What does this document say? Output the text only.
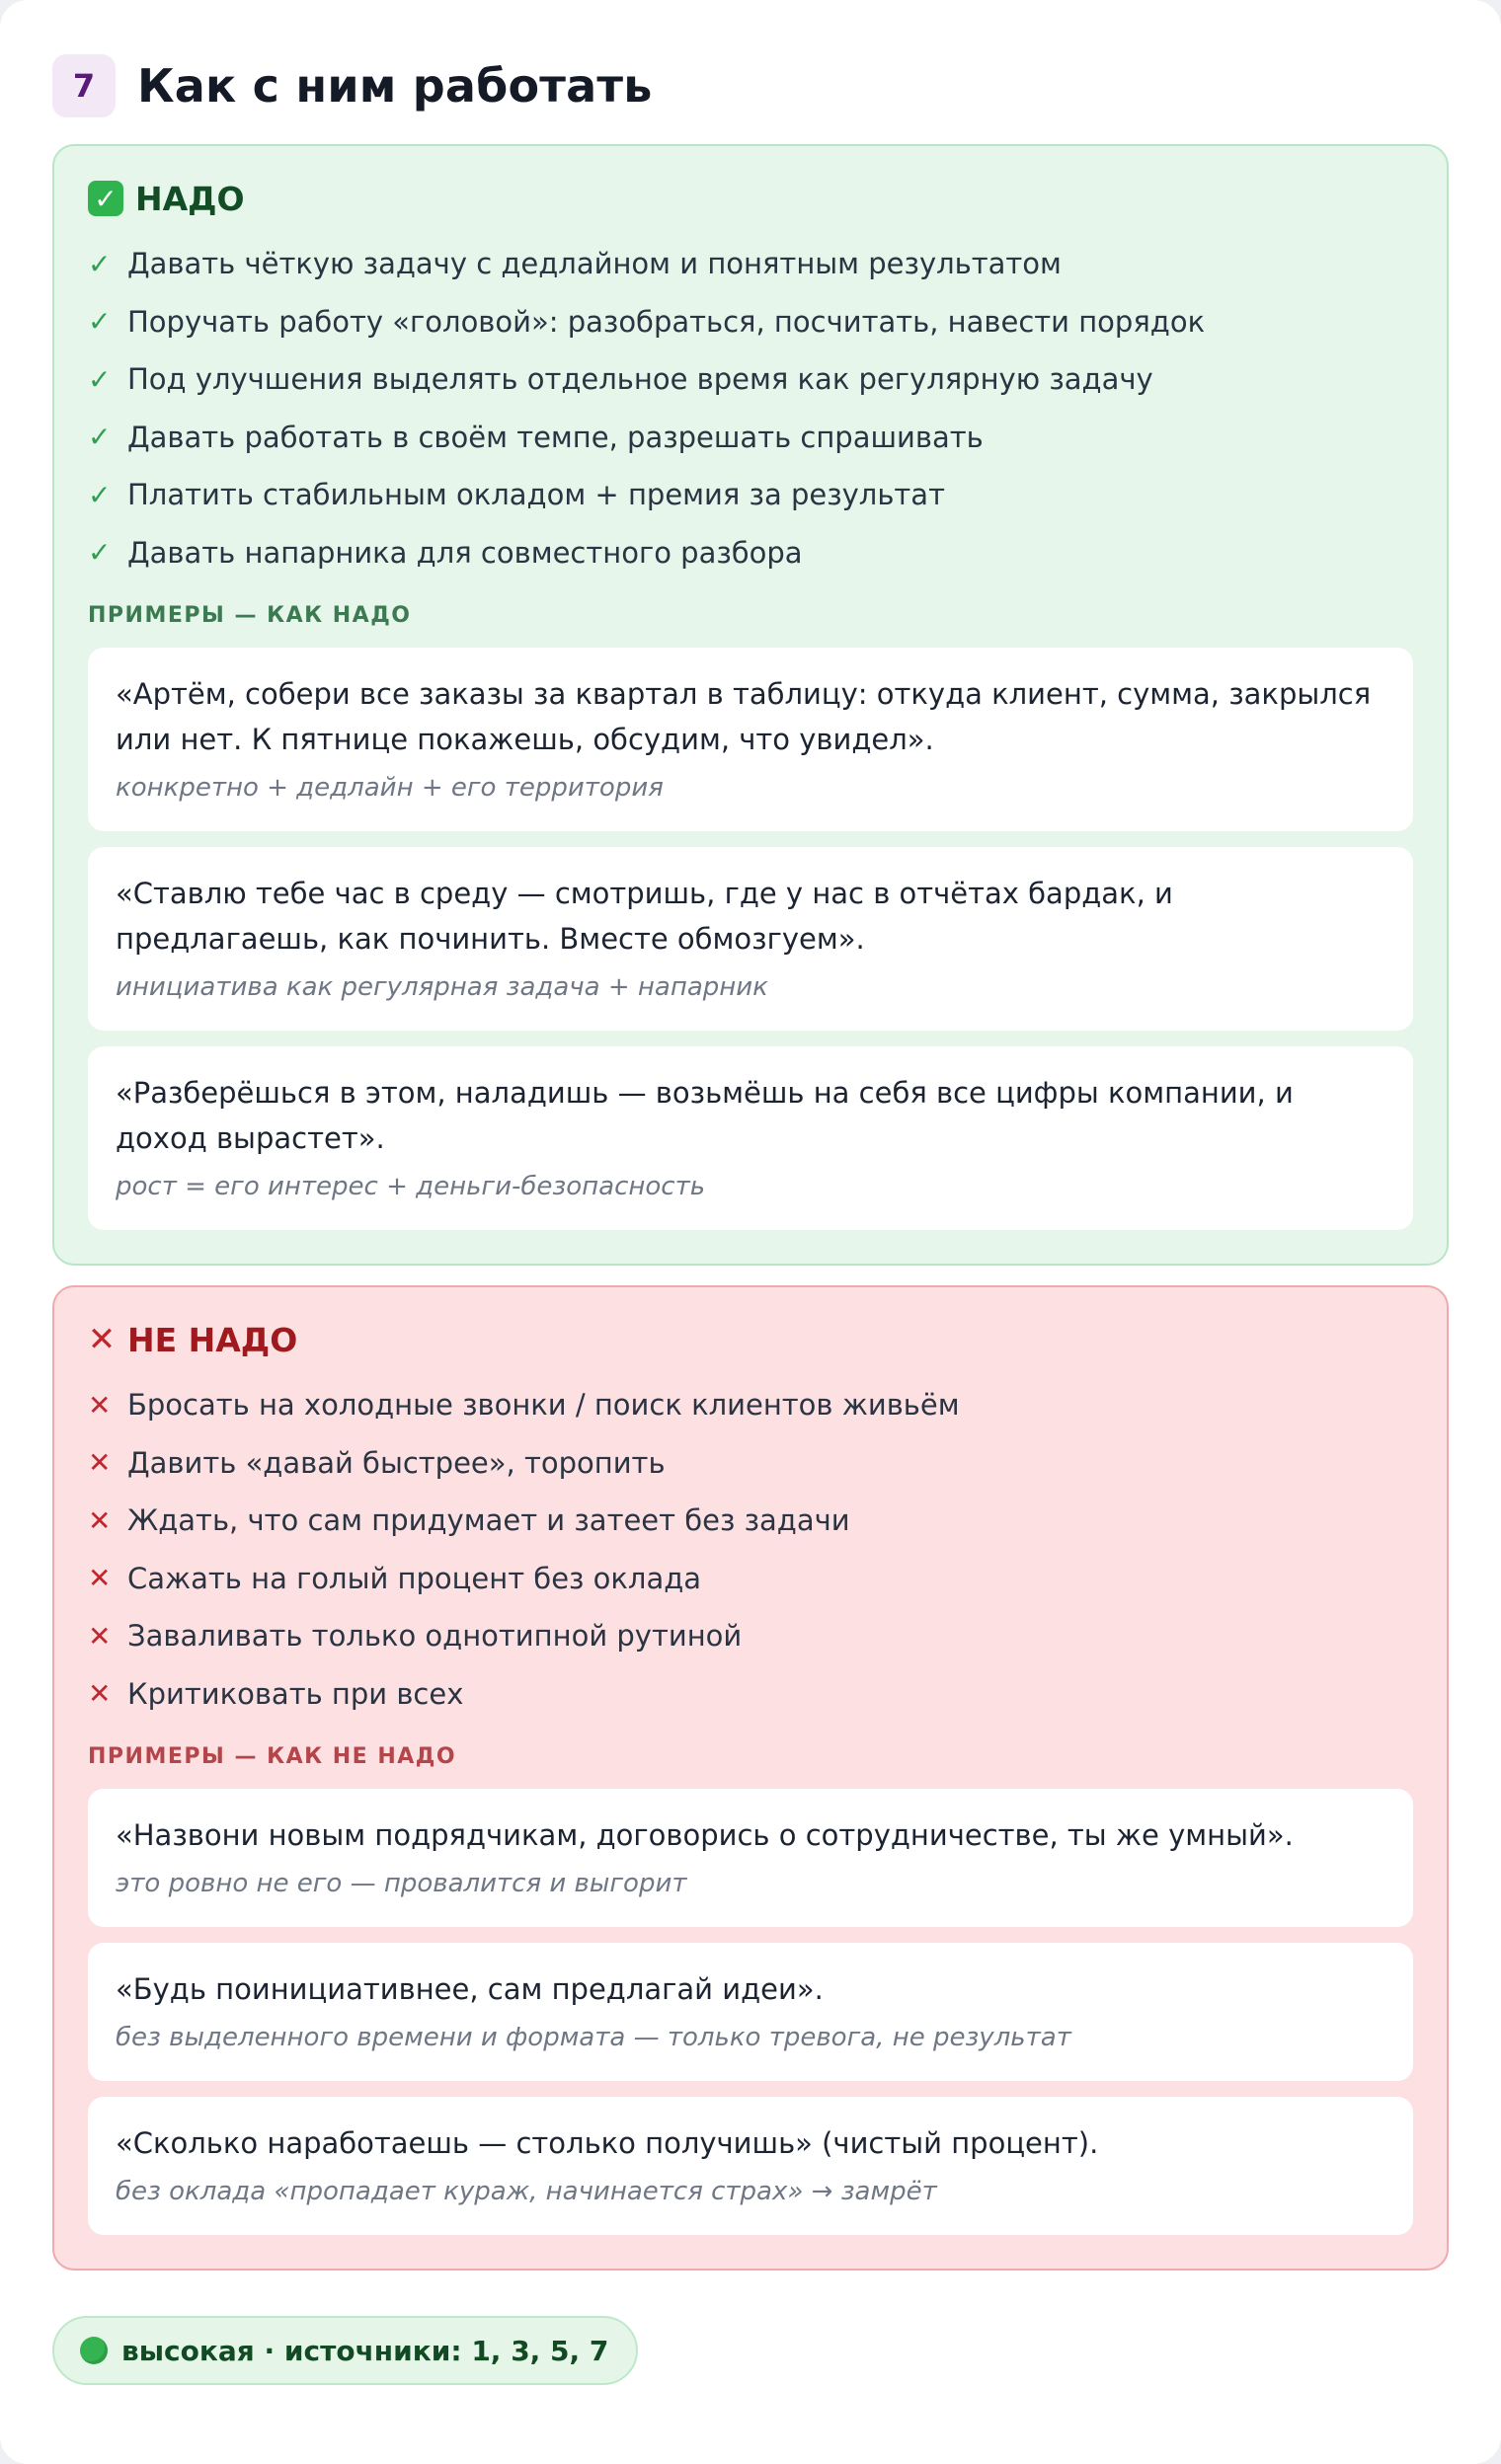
7 Как с ним работать
✓ НАДО
✓ Давать чёткую задачу с дедлайном и понятным результатом
✓ Поручать работу «головой»: разобраться, посчитать, навести порядок
✓ Под улучшения выделять отдельное время как регулярную задачу
✓ Давать работать в своём темпе, разрешать спрашивать
✓ Платить стабильным окладом + премия за результат
✓ Давать напарника для совместного разбора
ПРИМЕРЫ — КАК НАДО
«Артём, собери все заказы за квартал в таблицу: откуда клиент, сумма, закрылся или нет. К пятнице покажешь, обсудим, что увидел».
конкретно + дедлайн + его территория
«Ставлю тебе час в среду — смотришь, где у нас в отчётах бардак, и предлагаешь, как починить. Вместе обмозгуем».
инициатива как регулярная задача + напарник
«Разберёшься в этом, наладишь — возьмёшь на себя все цифры компании, и доход вырастет».
рост = его интерес + деньги-безопасность
✕ НЕ НАДО
✕ Бросать на холодные звонки / поиск клиентов живьём
✕ Давить «давай быстрее», торопить
✕ Ждать, что сам придумает и затеет без задачи
✕ Сажать на голый процент без оклада
✕ Заваливать только однотипной рутиной
✕ Критиковать при всех
ПРИМЕРЫ — КАК НЕ НАДО
«Назвони новым подрядчикам, договорись о сотрудничестве, ты же умный».
это ровно не его — провалится и выгорит
«Будь поинициативнее, сам предлагай идеи».
без выделенного времени и формата — только тревога, не результат
«Сколько наработаешь — столько получишь» (чистый процент).
без оклада «пропадает кураж, начинается страх» → замрёт
высокая · источники: 1, 3, 5, 7
